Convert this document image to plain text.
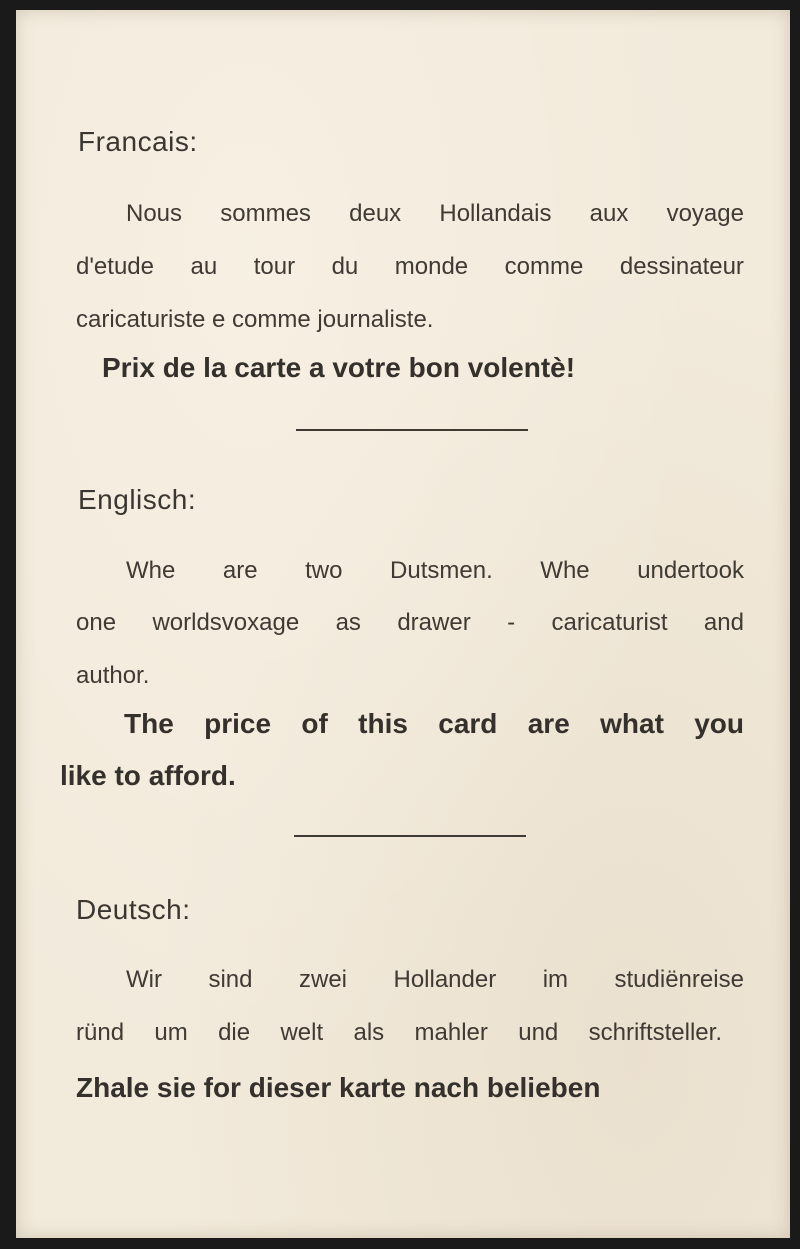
Francais:

Nous sommes deux Hollandais aux voyage
d'etude au tour du monde comme dessinateur

caricaturiste e comme journaliste.

Prix de la carte a votre bon volentè!

Englisch:

Whe are two Dutsmen. Whe undertook
one worldsvoxage as drawer - caricaturist and

author.

The price of this card are what you

like to afford.

Deutsch:

Wir sind zwei Hollander im studiënreise
ründ um die welt als mahler und schriftsteller.

Zhale sie for dieser karte nach belieben
